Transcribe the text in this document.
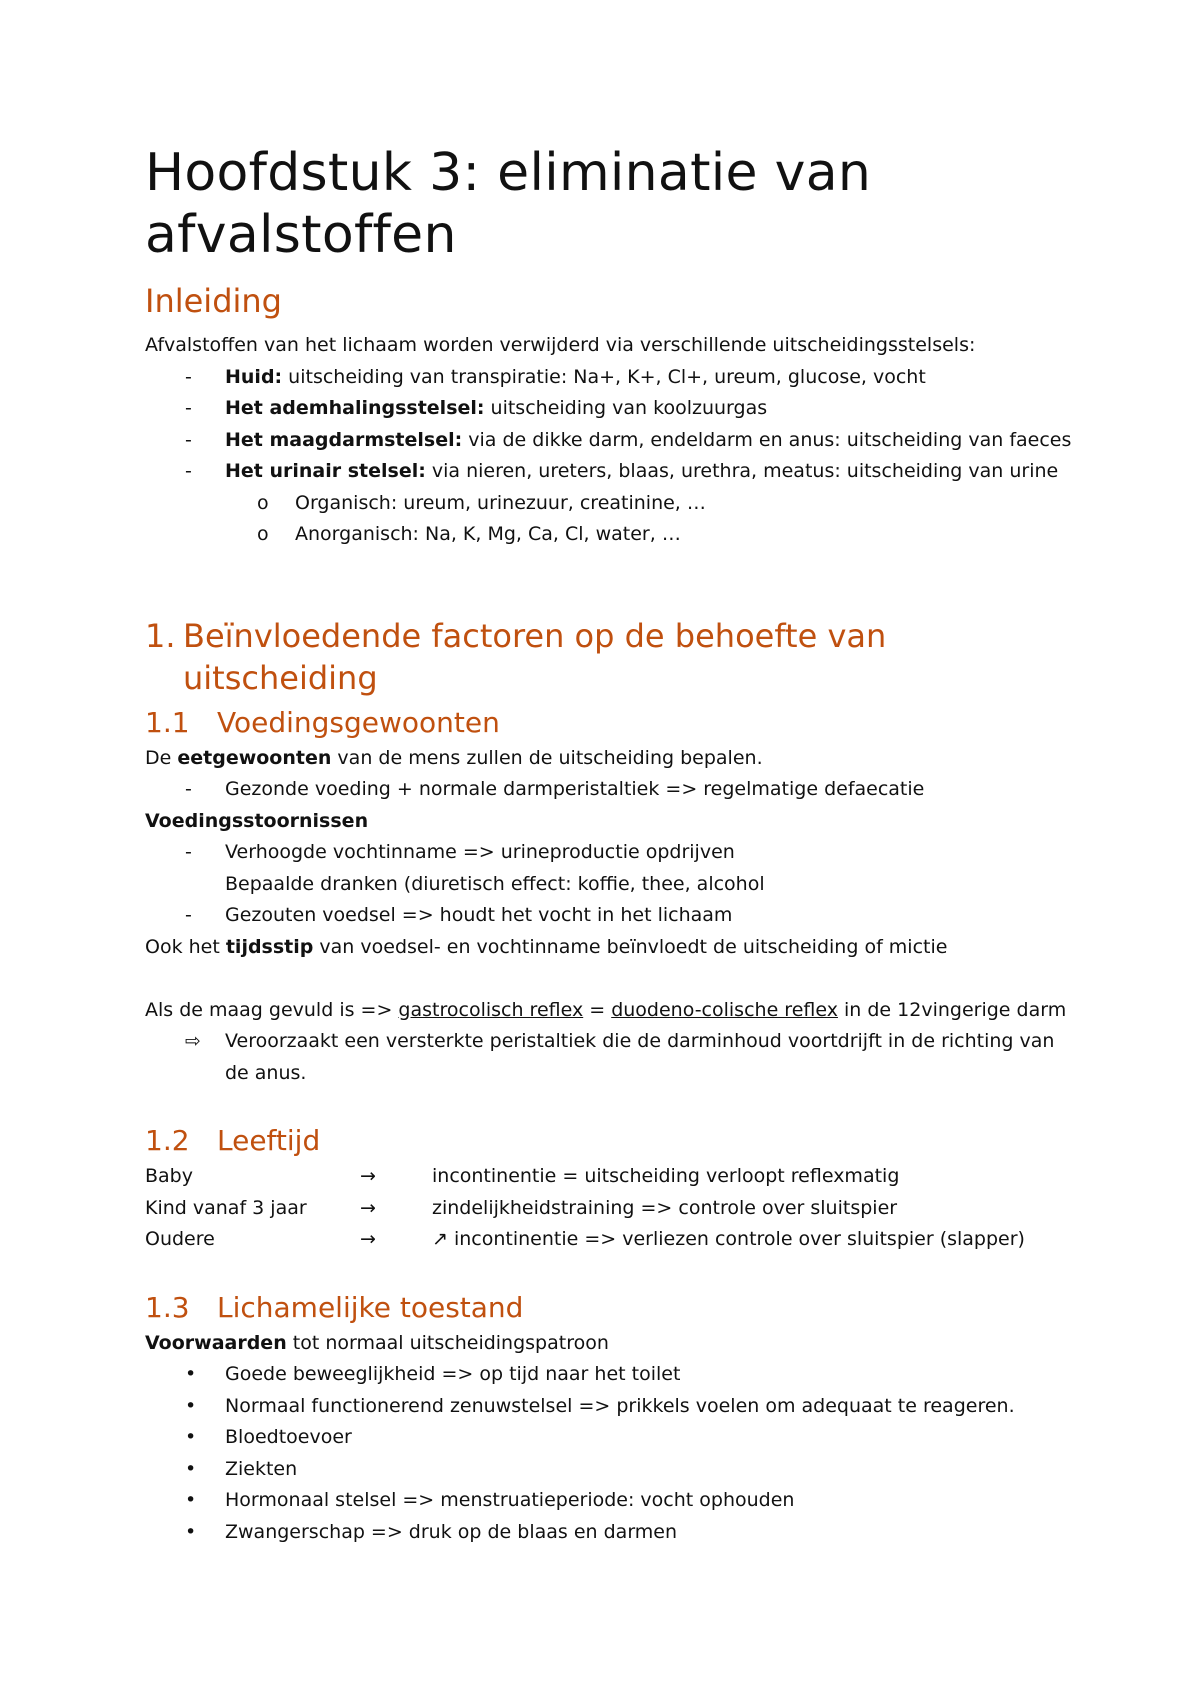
Hoofdstuk 3: eliminatie van afvalstoffen
Inleiding

Afvalstoffen van het lichaam worden verwijderd via verschillende uitscheidingsstelsels:

-	Huid: uitscheiding van transpiratie: Na+, K+, Cl+, ureum, glucose, vocht
-	Het ademhalingsstelsel: uitscheiding van koolzuurgas
-	Het maagdarmstelsel: via de dikke darm, endeldarm en anus: uitscheiding van faeces
-	Het urinair stelsel: via nieren, ureters, blaas, urethra, meatus: uitscheiding van urine
o	Organisch: ureum, urinezuur, creatinine, …
o	Anorganisch: Na, K, Mg, Ca, Cl, water, …
1. Beïnvloedende factoren op de behoefte van uitscheiding
1.1 Voedingsgewoonten

De eetgewoonten van de mens zullen de uitscheiding bepalen.

-	Gezonde voeding + normale darmperistaltiek => regelmatige defaecatie

Voedingsstoornissen

-	Verhoogde vochtinname => urineproductie opdrijven

Bepaalde dranken (diuretisch effect: koffie, thee, alcohol

-	Gezouten voedsel => houdt het vocht in het lichaam

Ook het tijdsstip van voedsel- en vochtinname beïnvloedt de uitscheiding of mictie

Als de maag gevuld is => gastrocolisch reflex = duodeno-colische reflex in de 12vingerige darm

⇨	Veroorzaakt een versterkte peristaltiek die de darminhoud voortdrijft in de richting van de anus.
1.2 Leeftijd
Baby	→	incontinentie = uitscheiding verloopt reflexmatig
Kind vanaf 3 jaar	→	zindelijkheidstraining => controle over sluitspier
Oudere	→	↗ incontinentie => verliezen controle over sluitspier (slapper)
1.3 Lichamelijke toestand

Voorwaarden tot normaal uitscheidingspatroon

•	Goede beweeglijkheid => op tijd naar het toilet
•	Normaal functionerend zenuwstelsel => prikkels voelen om adequaat te reageren.
•	Bloedtoevoer
•	Ziekten
•	Hormonaal stelsel => menstruatieperiode: vocht ophouden
•	Zwangerschap => druk op de blaas en darmen
